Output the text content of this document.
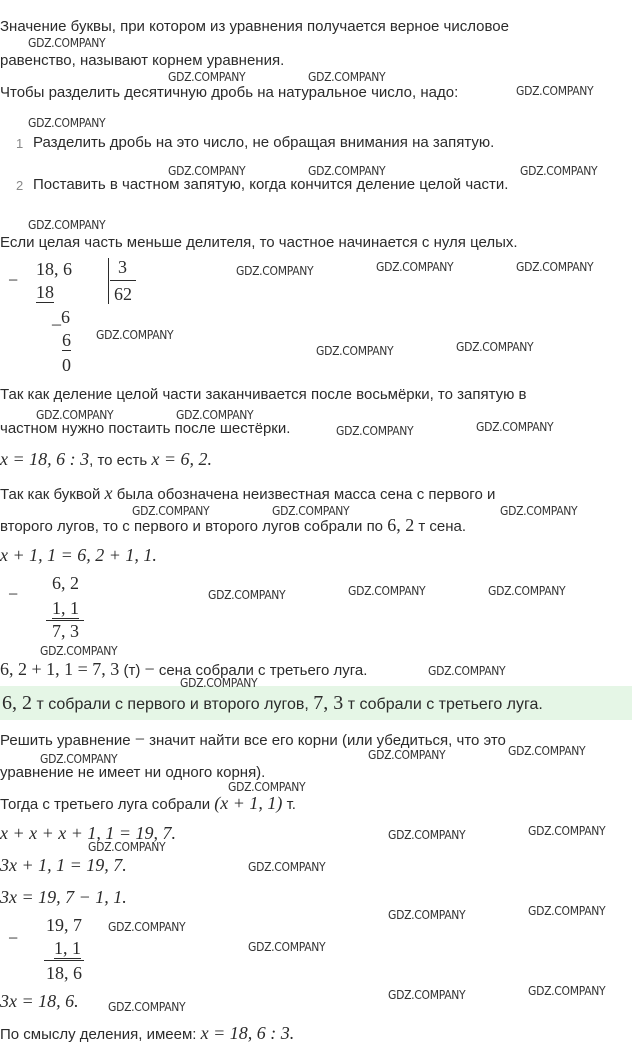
Значение буквы, при котором из уравнения получается верное числовое
равенство, называют корнем уравнения.
Чтобы разделить десятичную дробь на натуральное число, надо:
1 Разделить дробь на это число, не обращая внимания на запятую.
2 Поставить в частном запятую, когда кончится деление целой части.
Если целая часть меньше делителя, то частное начинается с нуля целых.
−
18, 6
18
3
62
_6
6
0
Так как деление целой части заканчивается после восьмёрки, то запятую в
частном нужно постаить после шестёрки.
x = 18, 6 : 3, то есть x = 6, 2.
Так как буквой x была обозначена неизвестная масса сена с первого и
второго лугов, то с первого и второго лугов собрали по 6, 2 т сена.
x + 1, 1 = 6, 2 + 1, 1.
−
6, 2
1, 1
7, 3
6, 2 + 1, 1 = 7, 3 (т) − сена собрали с третьего луга.
6, 2 т собрали с первого и второго лугов, 7, 3 т собрали с третьего луга.
Решить уравнение − значит найти все его корни (или убедиться, что это
уравнение не имеет ни одного корня).
Тогда с третьего луга собрали (x + 1, 1) т.
x + x + x + 1, 1 = 19, 7.
3x + 1, 1 = 19, 7.
3x = 19, 7 − 1, 1.
−
19, 7
1, 1
18, 6
3x = 18, 6.
По смыслу деления, имеем: x = 18, 6 : 3.
GDZ.COMPANY
GDZ.COMPANY	GDZ.COMPANY
GDZ.COMPANY
GDZ.COMPANY
GDZ.COMPANY	GDZ.COMPANY	GDZ.COMPANY
GDZ.COMPANY
GDZ.COMPANY	GDZ.COMPANY	GDZ.COMPANY
GDZ.COMPANY
GDZ.COMPANY	GDZ.COMPANY
GDZ.COMPANY	GDZ.COMPANY
GDZ.COMPANY	GDZ.COMPANY
GDZ.COMPANY	GDZ.COMPANY	GDZ.COMPANY
GDZ.COMPANY	GDZ.COMPANY	GDZ.COMPANY
GDZ.COMPANY
GDZ.COMPANY
GDZ.COMPANY
GDZ.COMPANY	GDZ.COMPANY	GDZ.COMPANY
GDZ.COMPANY
GDZ.COMPANY	GDZ.COMPANY
GDZ.COMPANY
GDZ.COMPANY
GDZ.COMPANY	GDZ.COMPANY
GDZ.COMPANY
GDZ.COMPANY
GDZ.COMPANY	GDZ.COMPANY
GDZ.COMPANY
